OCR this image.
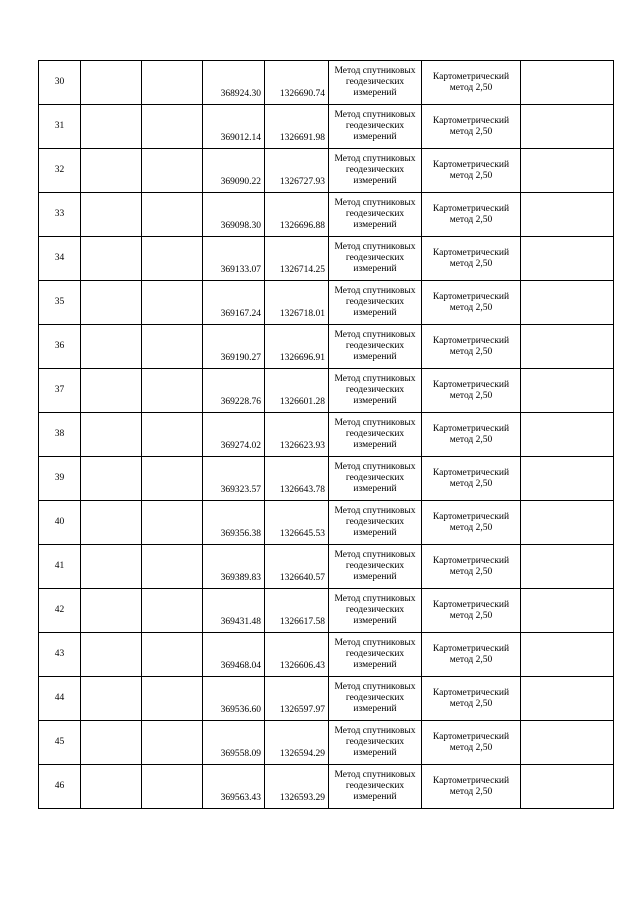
30			368924.30	1326690.74	Метод спутниковых
геодезических
измерений	Картометрический
метод 2,50	

31			369012.14	1326691.98	Метод спутниковых
геодезических
измерений	Картометрический
метод 2,50	

32			369090.22	1326727.93	Метод спутниковых
геодезических
измерений	Картометрический
метод 2,50	

33			369098.30	1326696.88	Метод спутниковых
геодезических
измерений	Картометрический
метод 2,50	

34			369133.07	1326714.25	Метод спутниковых
геодезических
измерений	Картометрический
метод 2,50	

35			369167.24	1326718.01	Метод спутниковых
геодезических
измерений	Картометрический
метод 2,50	

36			369190.27	1326696.91	Метод спутниковых
геодезических
измерений	Картометрический
метод 2,50	

37			369228.76	1326601.28	Метод спутниковых
геодезических
измерений	Картометрический
метод 2,50	

38			369274.02	1326623.93	Метод спутниковых
геодезических
измерений	Картометрический
метод 2,50	

39			369323.57	1326643.78	Метод спутниковых
геодезических
измерений	Картометрический
метод 2,50	

40			369356.38	1326645.53	Метод спутниковых
геодезических
измерений	Картометрический
метод 2,50	

41			369389.83	1326640.57	Метод спутниковых
геодезических
измерений	Картометрический
метод 2,50	

42			369431.48	1326617.58	Метод спутниковых
геодезических
измерений	Картометрический
метод 2,50	

43			369468.04	1326606.43	Метод спутниковых
геодезических
измерений	Картометрический
метод 2,50	

44			369536.60	1326597.97	Метод спутниковых
геодезических
измерений	Картометрический
метод 2,50	

45			369558.09	1326594.29	Метод спутниковых
геодезических
измерений	Картометрический
метод 2,50	

46			369563.43	1326593.29	Метод спутниковых
геодезических
измерений	Картометрический
метод 2,50	
